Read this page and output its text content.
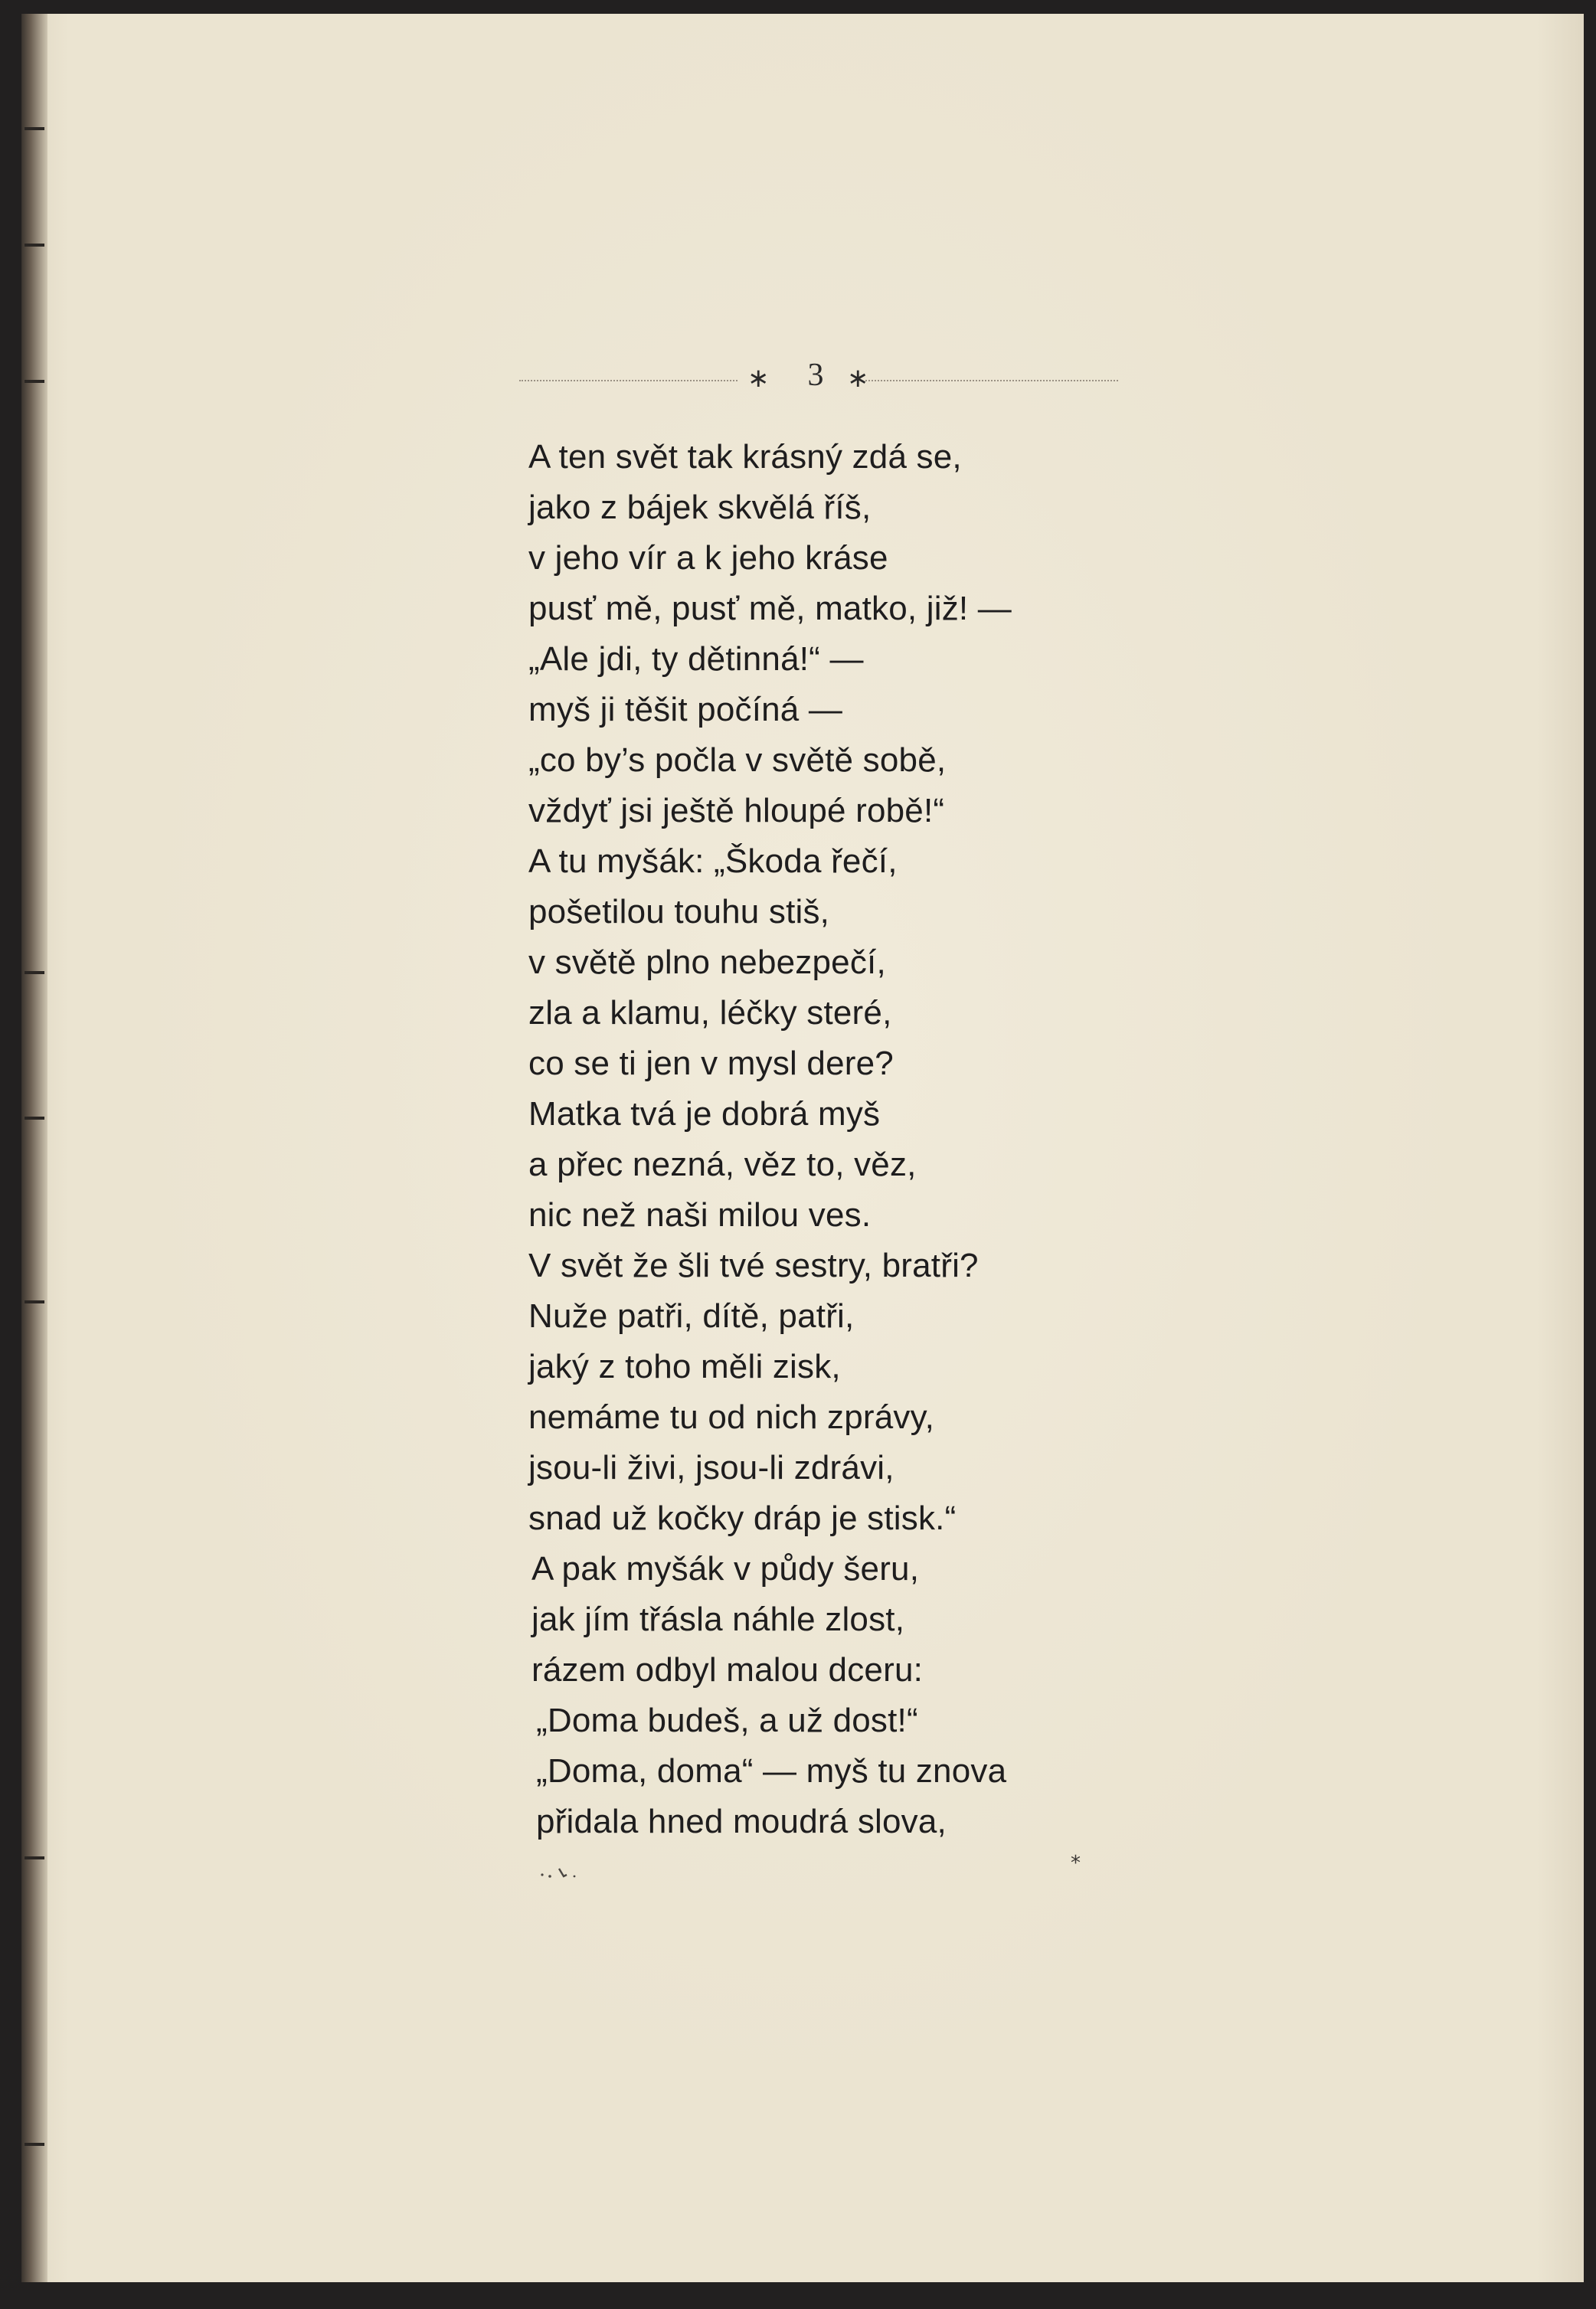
∗	3 ∗
A ten svět tak krásný zdá se,
jako z bájek skvělá říš,
v jeho vír a k jeho kráse
pusť mě, pusť mě, matko, již! —
„Ale jdi, ty dětinná!“ —
myš ji těšit počíná —
„co by’s počla v světě sobě,
vždyť jsi ještě hloupé robě!“
A tu myšák: „Škoda řečí,
pošetilou touhu stiš,
v světě plno nebezpečí,
zla a klamu, léčky steré,
co se ti jen v mysl dere?
Matka tvá je dobrá myš
a přec nezná, věz to, věz,
nic než naši milou ves.
V svět že šli tvé sestry, bratři?
Nuže patři, dítě, patři,
jaký z toho měli zisk,
nemáme tu od nich zprávy,
jsou-li živi, jsou-li zdrávi,
snad už kočky dráp je stisk.“
A pak myšák v půdy šeru,
jak jím třásla náhle zlost,
rázem odbyl malou dceru:
„Doma budeš, a už dost!“
„Doma, doma“ — myš tu znova
přidala hned moudrá slova,
*
